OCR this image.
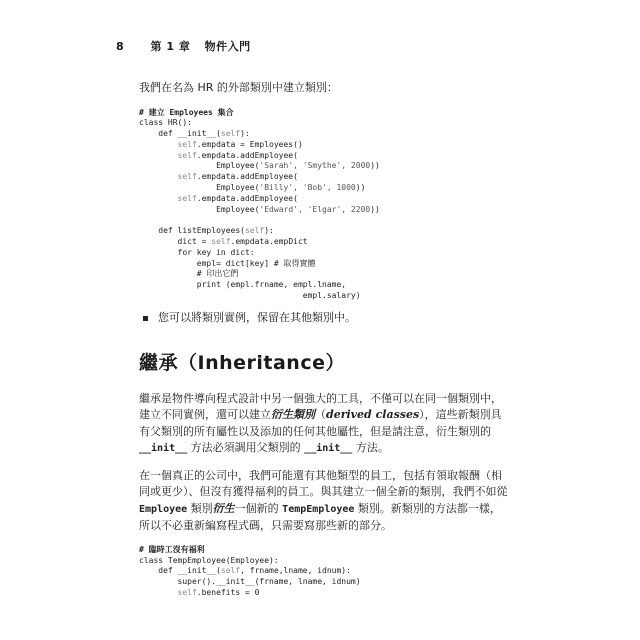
8 第 1 章 物件入門

我們在名為 HR 的外部類別中建立類別：

# 建立 Employees 集合
class HR():
def __init__(self):
self.empdata = Employees()
self.empdata.addEmployee(
Employee('Sarah', 'Smythe', 2000))
self.empdata.addEmployee(
Employee('Billy', 'Bob', 1000))
self.empdata.addEmployee(
Employee('Edward', 'Elgar', 2200))

def listEmployees(self):
dict = self.empdata.empDict
for key in dict:
empl= dict[key] # 取得實體
# 印出它們
print (empl.frname, empl.lname,
empl.salary)

您可以將類別實例，保留在其他類別中。

繼承（Inheritance）

繼承是物件導向程式設計中另一個強大的工具，不僅可以在同一個類別中，建立不同實例，還可以建立衍生類別（derived classes），這些新類別具有父類別的所有屬性以及添加的任何其他屬性，但是請注意，衍生類別的 __init__ 方法必須調用父類別的 __init__ 方法。

在一個真正的公司中，我們可能還有其他類型的員工，包括有領取報酬（相同或更少）、但沒有獲得福利的員工。與其建立一個全新的類別，我們不如從 Employee 類別衍生一個新的 TempEmployee 類別。新類別的方法都一樣，所以不必重新編寫程式碼，只需要寫那些新的部分。

# 臨時工沒有福利
class TempEmployee(Employee):
def __init__(self, frname,lname, idnum):
super().__init__(frname, lname, idnum)
self.benefits = 0
